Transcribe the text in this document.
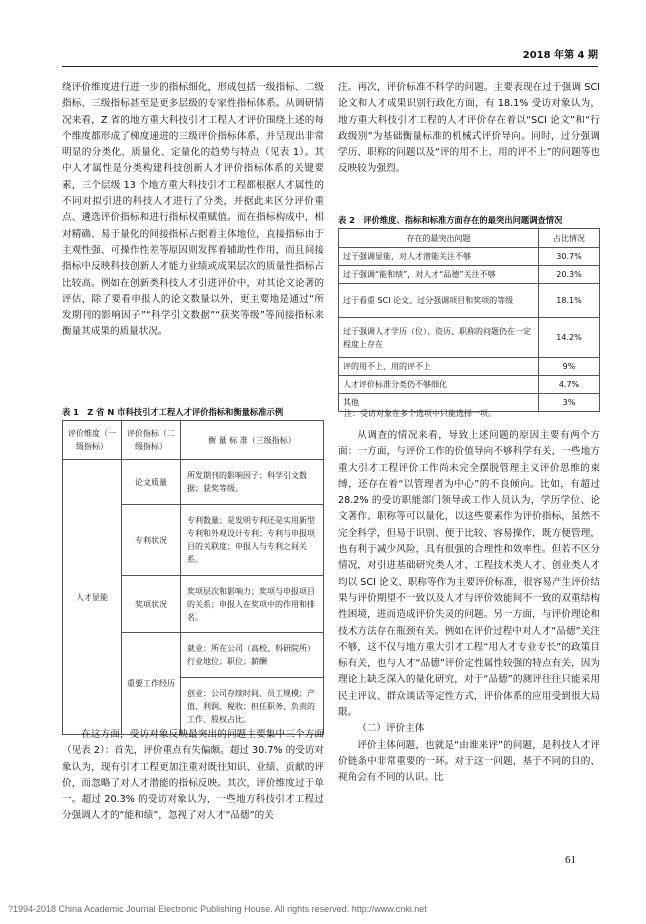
2018 年第 4 期

绕评价维度进行进一步的指标细化，形成包括一级指标、二级指标、三级指标甚至是更多层级的专家性指标体系。从调研情况来看，Z 省的地方重大科技引才工程人才评价围绕上述的每个维度都形成了梯度递进的三级评价指标体系，并呈现出非常明显的分类化、质量化、定量化的趋势与特点（见表 1）。其中人才属性是分类构建科技创新人才评价指标体系的关键要素，三个层级 13 个地方重大科技引才工程都根据人才属性的不同对拟引进的科技人才进行了分类，并据此来区分评价重点、遴选评价指标和进行指标权重赋值。而在指标构成中，相对精确、易于量化的间接指标占据着主体地位，直接指标由于主观性强、可操作性差等原因则发挥着辅助性作用，而且间接指标中反映科技创新人才能力业绩或成果层次的质量性指标占比较高。例如在创新类科技人才引进评价中，对其论文论著的评估，除了要看申报人的论文数量以外，更主要地是通过“所发期刊的影响因子”“科学引文数据”“获奖等级”等间接指标来衡量其成果的质量状况。

表 1　Z 省 N 市科技引才工程人才评价指标和衡量标准示例
评价维度（一级指标）	评价指标（二级指标）	衡 量 标 准（三级指标）
人才显能	论文质量	所发期刊的影响因子；科学引文数据；获奖等级。
	专利状况	专利数量；是发明专利还是实用新型专利和外观设计专利；专利与申报项目的关联度；申报人与专利之间关系。
	奖项状况	奖项层次和影响力；奖项与申报项目的关系；申报人在奖项中的作用和排名。
	重要工作经历	就业：所在公司（高校、科研院所）行业地位；职位；薪酬
		创业：公司存续时间、员工规模；产值、利润、税收；担任职务、负责的工作、股权占比。

在这方面，受访对象反映最突出的问题主要集中三个方面（见表 2）：首先，评价重点有失偏颇。超过 30.7% 的受访对象认为，现有引才工程更加注重对既往知识、业绩、贡献的评价，而忽略了对人才潜能的指标反映。其次，评价维度过于单一。超过 20.3% 的受访对象认为，一些地方科技引才工程过分强调人才的“能和绩”，忽视了对人才“品德”的关

注。再次，评价标准不科学的问题。主要表现在过于强调 SCI 论文和人才成果识别行政化方面，有 18.1% 受访对象认为，地方重大科技引才工程的人才评价存在着以“SCI 论文”和“行政级别”为基础衡量标准的机械式评价导向。同时，过分强调学历、职称的问题以及“评的用不上、用的评不上”的问题等也反映较为强烈。

表 2　评价维度、指标和标准方面存在的最突出问题调查情况
存在的最突出问题	占比情况
过于强调显能，对人才潜能关注不够	30.7%
过于强调“能和绩”，对人才“品德”关注不够	20.3%
过于看重 SCI 论文、过分强调项目和奖项的等级	18.1%
过于强调人才学历（位）、资历、职称的问题仍在一定程度上存在	14.2%
评的用不上、用的评不上	9%
人才评价标准分类仍不够细化	4.7%
其他	3%
注：受访对象在多个选项中只能选择一项。

从调查的情况来看，导致上述问题的原因主要有两个方面：一方面，与评价工作的价值导向不够科学有关，一些地方重大引才工程评价工作尚未完全摆脱管理主义评价思维的束缚，还存在着“以管理者为中心”的不良倾向。比如，有超过 28.2% 的受访职能部门领导或工作人员认为，学历学位、论文著作、职称等可以量化，以这些要素作为评价指标，虽然不完全科学，但易于识别、便于比较、容易操作，既方便管理，也有利于减少风险，具有很强的合理性和效率性。但若不区分情况，对引进基础研究类人才、工程技术类人才、创业类人才均以 SCI 论文、职称等作为主要评价标准，很容易产生评价结果与评价期望不一致以及人才与评价效能间不一致的双重结构性困境，进而造成评价失灵的问题。另一方面，与评价理论和技术方法存在瓶颈有关。例如在评价过程中对人才“品德”关注不够，这不仅与地方重大引才工程“用人才专业专长”的政策目标有关，也与人才“品德”评价定性属性较强的特点有关，因为理论上缺乏深入的量化研究，对于“品德”的测评往往只能采用民主评议、群众谈话等定性方式，评价体系的应用受到很大局限。

（二）评价主体

评价主体问题，也就是“由谁来评”的问题，是科技人才评价链条中非常重要的一环。对于这一问题，基于不同的目的、视角会有不同的认识。比

61
?1994-2018 China Academic Journal Electronic Publishing House. All rights reserved. http://www.cnki.net
